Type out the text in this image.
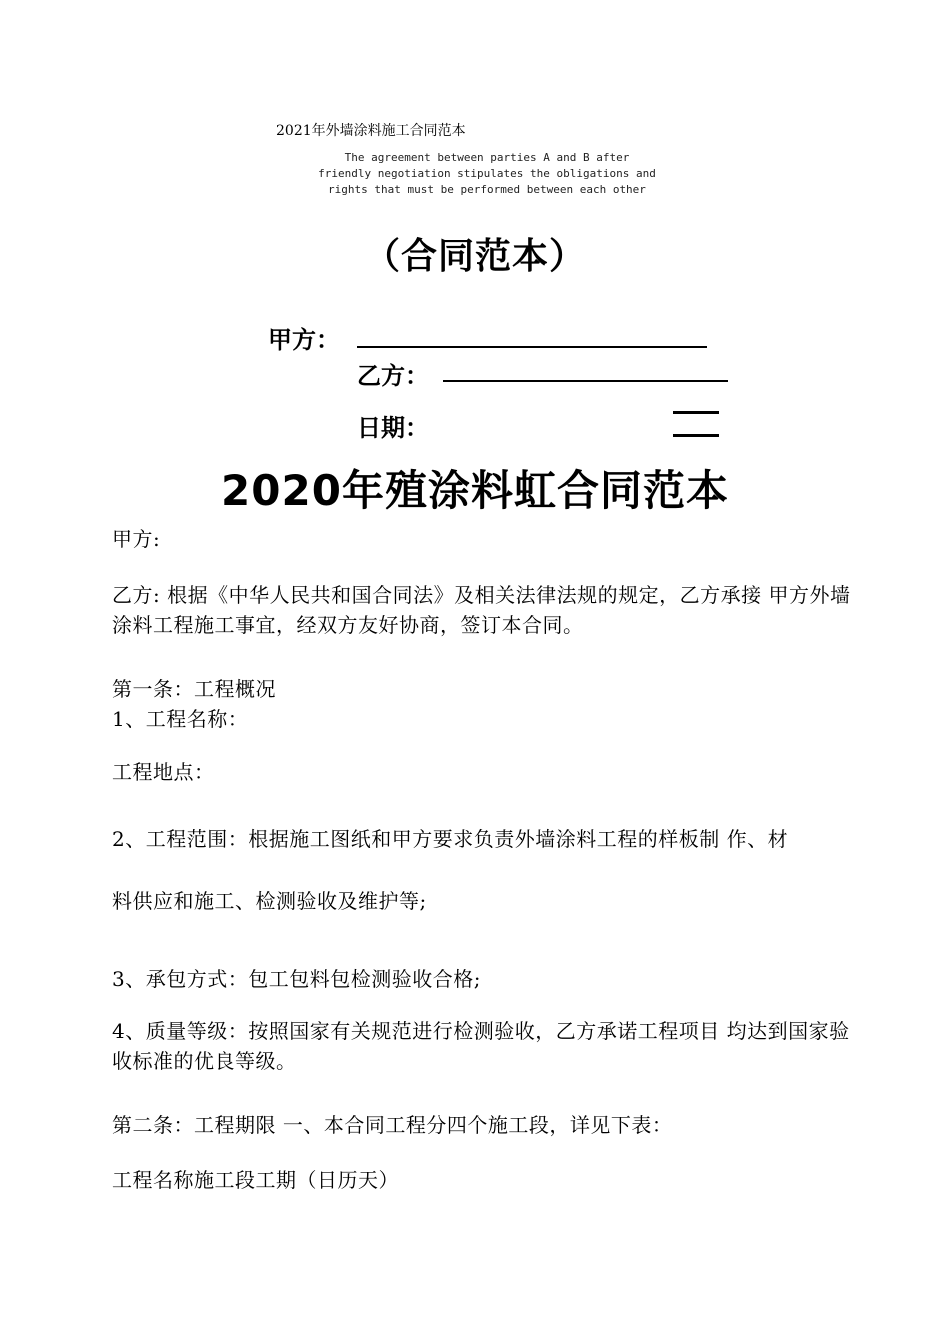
2021年外墙涂料施工合同范本
The agreement between parties A and B after friendly negotiation stipulates the obligations and rights that must be performed between each other
（合同范本）
甲方：
乙方：
日期：
2020年殖涂料虹合同范本
甲方:
乙方: 根据《中华人民共和国合同法》及相关法律法规的规定，乙方承接 甲方外墙涂料工程施工事宜，经双方友好协商，签订本合同。
第一条：工程概况
1、工程名称：
工程地点：
2、工程范围：根据施工图纸和甲方要求负责外墙涂料工程的样板制 作、材
料供应和施工、检测验收及维护等;
3、承包方式：包工包料包检测验收合格;
4、质量等级：按照国家有关规范进行检测验收，乙方承诺工程项目 均达到国家验收标准的优良等级。
第二条：工程期限 一、本合同工程分四个施工段，详见下表：
工程名称施工段工期（日历天）
